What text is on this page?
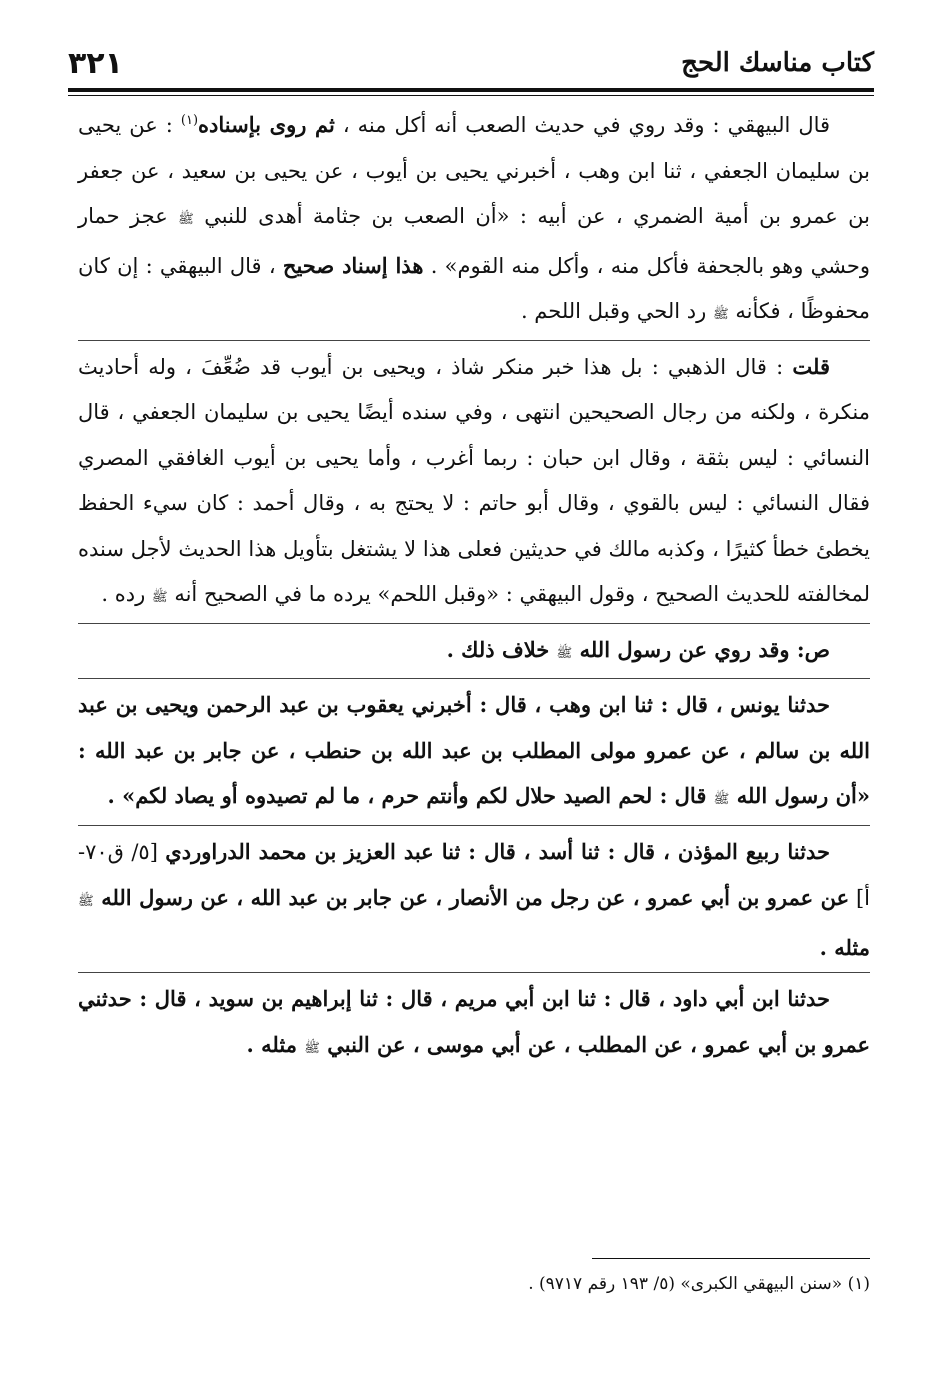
كتاب مناسك الحج
٣٢١

قال البيهقي : وقد روي في حديث الصعب أنه أكل منه ، ثم روى بإسناده$^{(١)}$ : عن يحيى بن سليمان الجعفي ، ثنا ابن وهب ، أخبرني يحيى بن أيوب ، عن يحيى بن سعيد ، عن جعفر بن عمرو بن أمية الضمري ، عن أبيه : «أن الصعب بن جثامة أهدى للنبي ﷺ عجز حمار وحشي وهو بالجحفة فأكل منه ، وأكل منه القوم» . هذا إسناد صحيح ، قال البيهقي : إن كان محفوظًا ، فكأنه ﷺ رد الحي وقبل اللحم .

قلت : قال الذهبي : بل هذا خبر منكر شاذ ، ويحيى بن أيوب قد ضُعِّفَ ، وله أحاديث منكرة ، ولكنه من رجال الصحيحين انتهى ، وفي سنده أيضًا يحيى بن سليمان الجعفي ، قال النسائي : ليس بثقة ، وقال ابن حبان : ربما أغرب ، وأما يحيى بن أيوب الغافقي المصري فقال النسائي : ليس بالقوي ، وقال أبو حاتم : لا يحتج به ، وقال أحمد : كان سيء الحفظ يخطئ خطأ كثيرًا ، وكذبه مالك في حديثين فعلى هذا لا يشتغل بتأويل هذا الحديث لأجل سنده لمخالفته للحديث الصحيح ، وقول البيهقي : «وقبل اللحم» يرده ما في الصحيح أنه ﷺ رده .

ص: وقد روي عن رسول الله ﷺ خلاف ذلك .

حدثنا يونس ، قال : ثنا ابن وهب ، قال : أخبرني يعقوب بن عبد الرحمن ويحيى بن عبد الله بن سالم ، عن عمرو مولى المطلب بن عبد الله بن حنطب ، عن جابر بن عبد الله : «أن رسول الله ﷺ قال : لحم الصيد حلال لكم وأنتم حرم ، ما لم تصيدوه أو يصاد لكم» .

حدثنا ربيع المؤذن ، قال : ثنا أسد ، قال : ثنا عبد العزيز بن محمد الدراوردي [٥/ ق٧٠-أ] عن عمرو بن أبي عمرو ، عن رجل من الأنصار ، عن جابر بن عبد الله ، عن رسول الله ﷺ مثله .

حدثنا ابن أبي داود ، قال : ثنا ابن أبي مريم ، قال : ثنا إبراهيم بن سويد ، قال : حدثني عمرو بن أبي عمرو ، عن المطلب ، عن أبي موسى ، عن النبي ﷺ مثله .

(١) «سنن البيهقي الكبرى» (٥/ ١٩٣ رقم ٩٧١٧) .
